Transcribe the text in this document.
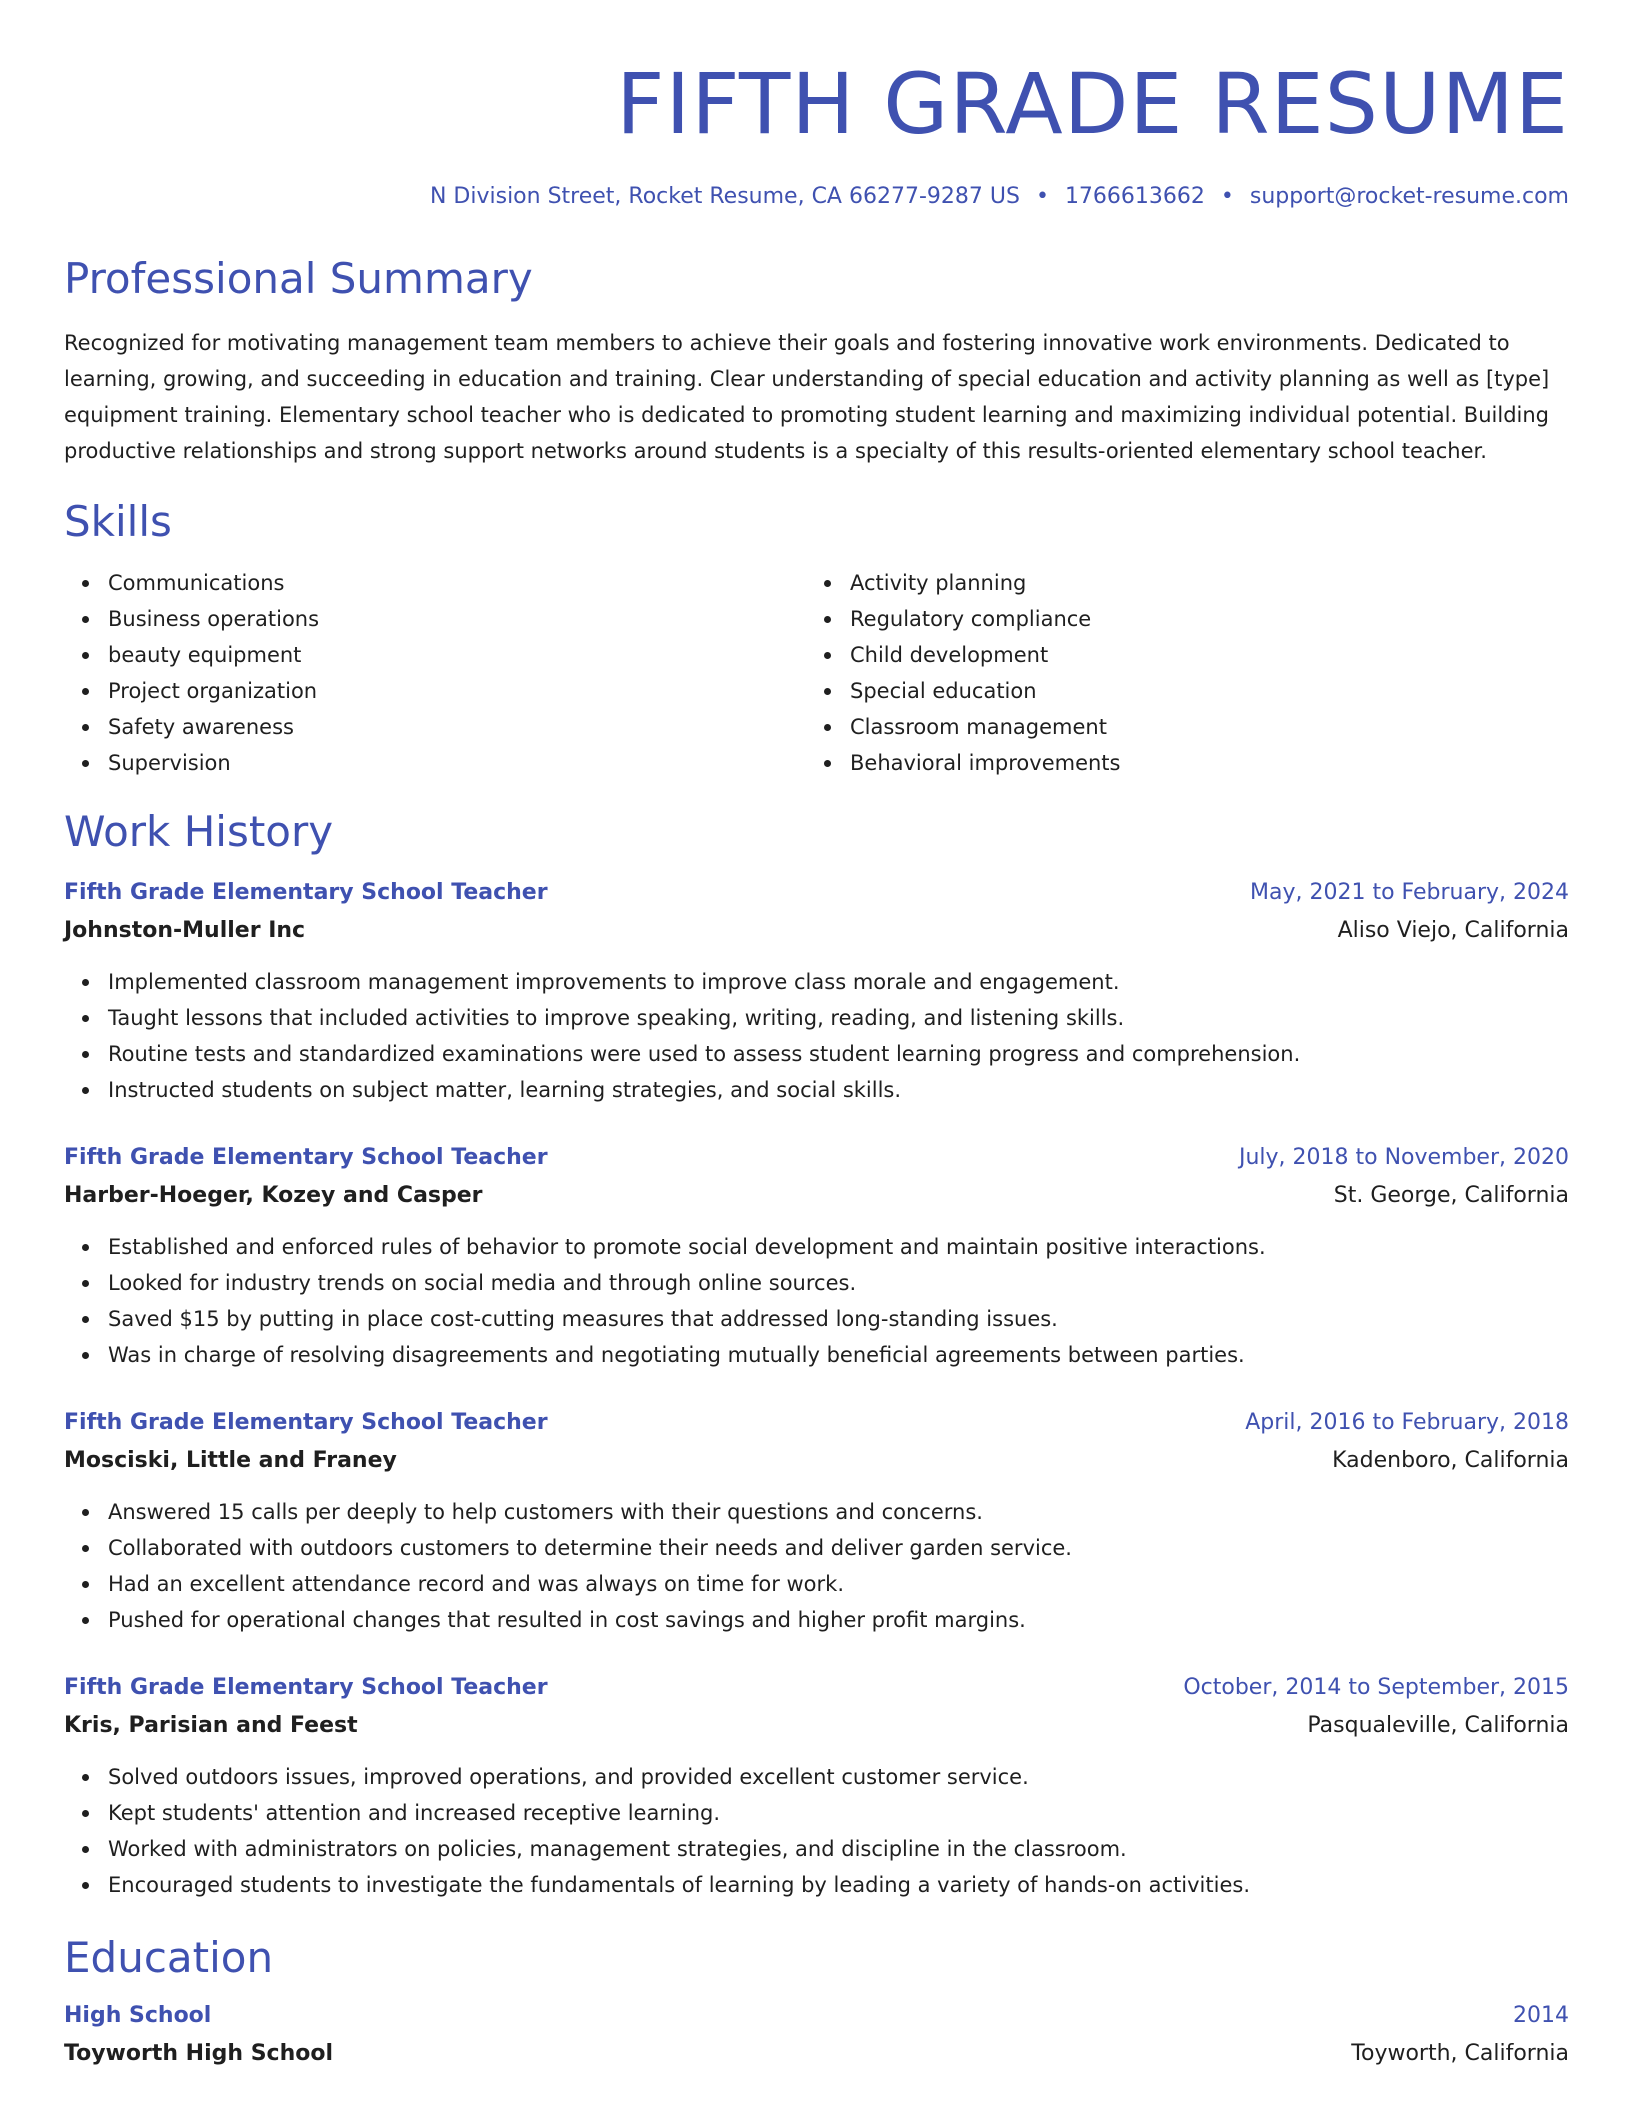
FIFTH GRADE RESUME
N Division Street, Rocket Resume, CA 66277-9287 US • 1766613662 • support@rocket-resume.com
Professional Summary
Recognized for motivating management team members to achieve their goals and fostering innovative work environments. Dedicated to learning, growing, and succeeding in education and training. Clear understanding of special education and activity planning as well as [type] equipment training. Elementary school teacher who is dedicated to promoting student learning and maximizing individual potential. Building productive relationships and strong support networks around students is a specialty of this results-oriented elementary school teacher.
Skills
Communications
Business operations
beauty equipment
Project organization
Safety awareness
Supervision
Activity planning
Regulatory compliance
Child development
Special education
Classroom management
Behavioral improvements
Work History
Fifth Grade Elementary School Teacher	May, 2021 to February, 2024
Johnston-Muller Inc	Aliso Viejo, California
Implemented classroom management improvements to improve class morale and engagement.
Taught lessons that included activities to improve speaking, writing, reading, and listening skills.
Routine tests and standardized examinations were used to assess student learning progress and comprehension.
Instructed students on subject matter, learning strategies, and social skills.
Fifth Grade Elementary School Teacher	July, 2018 to November, 2020
Harber-Hoeger, Kozey and Casper	St. George, California
Established and enforced rules of behavior to promote social development and maintain positive interactions.
Looked for industry trends on social media and through online sources.
Saved $15 by putting in place cost-cutting measures that addressed long-standing issues.
Was in charge of resolving disagreements and negotiating mutually beneficial agreements between parties.
Fifth Grade Elementary School Teacher	April, 2016 to February, 2018
Mosciski, Little and Franey	Kadenboro, California
Answered 15 calls per deeply to help customers with their questions and concerns.
Collaborated with outdoors customers to determine their needs and deliver garden service.
Had an excellent attendance record and was always on time for work.
Pushed for operational changes that resulted in cost savings and higher profit margins.
Fifth Grade Elementary School Teacher	October, 2014 to September, 2015
Kris, Parisian and Feest	Pasqualeville, California
Solved outdoors issues, improved operations, and provided excellent customer service.
Kept students' attention and increased receptive learning.
Worked with administrators on policies, management strategies, and discipline in the classroom.
Encouraged students to investigate the fundamentals of learning by leading a variety of hands-on activities.
Education
High School	2014
Toyworth High School	Toyworth, California
